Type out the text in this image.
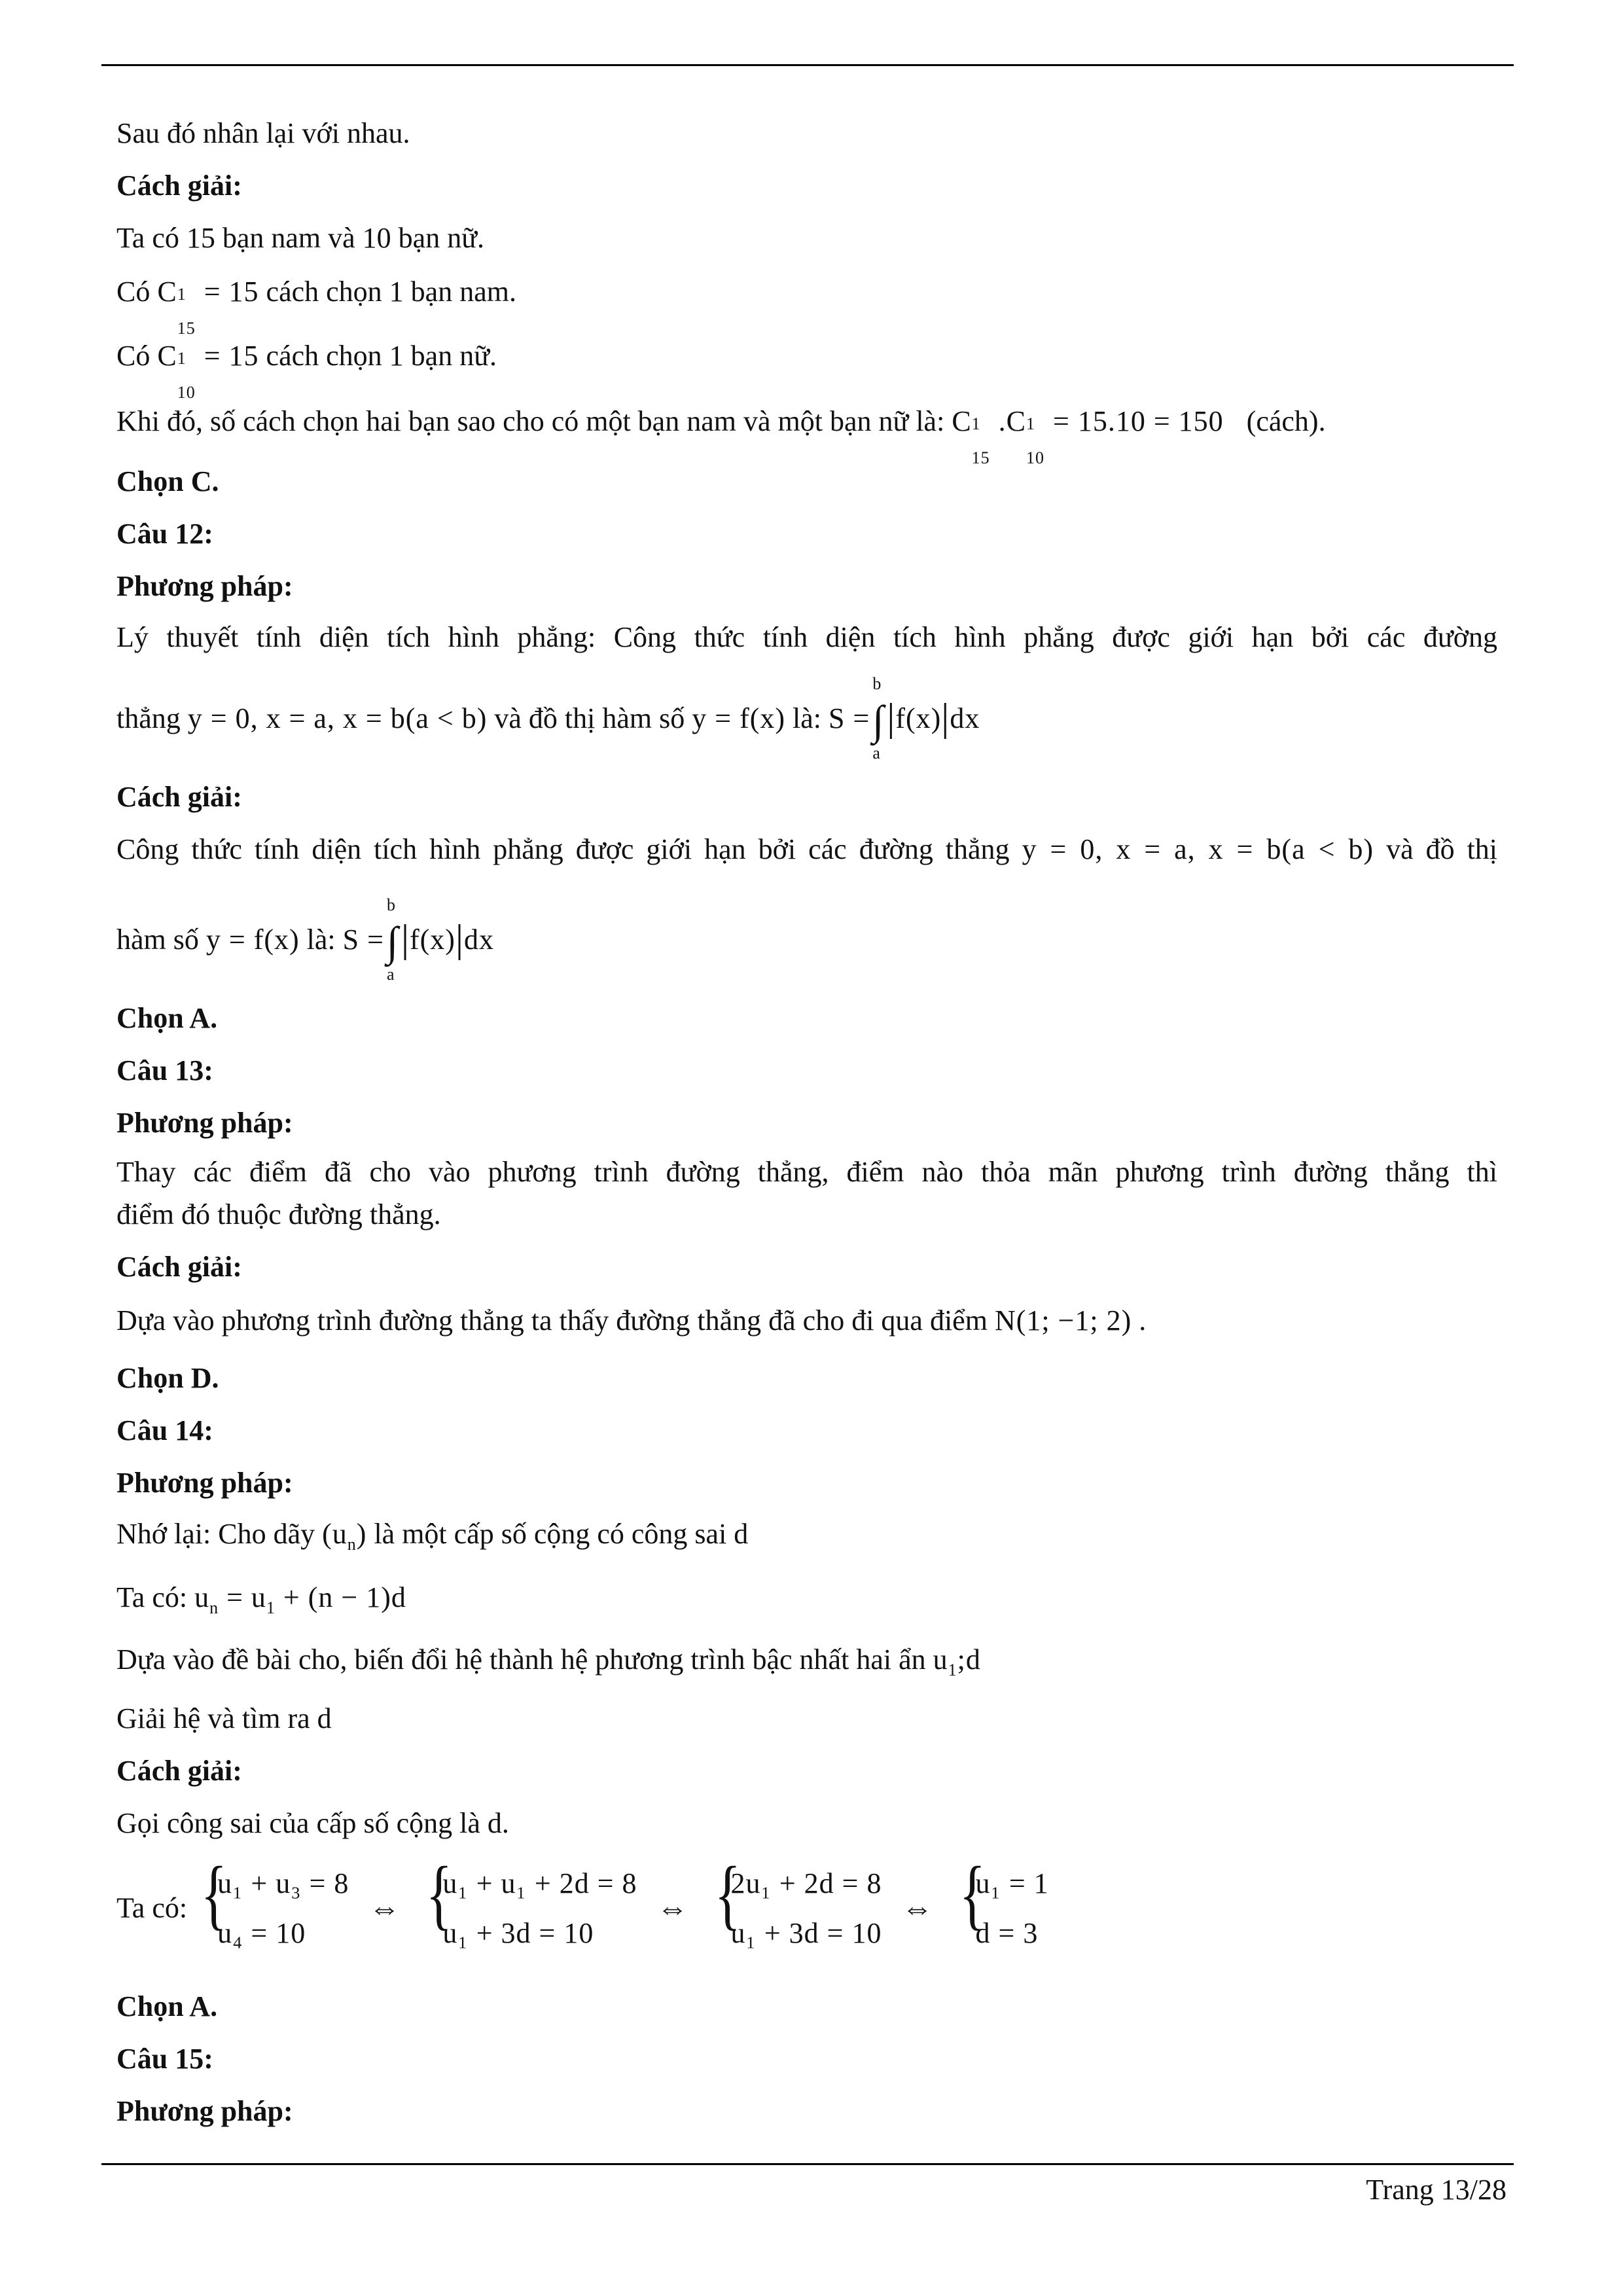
Sau đó nhân lại với nhau.
Cách giải:
Ta có 15 bạn nam và 10 bạn nữ.
Có C 1
15
= 15 cách chọn 1 bạn nam.
Có C 1
10
= 15 cách chọn 1 bạn nữ.
Khi đó, số cách chọn hai bạn sao cho có một bạn nam và một bạn nữ là: C 1
15
.C 1
10
= 15.10 = 150 (cách).
Chọn C.
Câu 12:
Phương pháp:
Lý thuyết tính diện tích hình phẳng: Công thức tính diện tích hình phẳng được giới hạn bởi các đường
thẳng y = 0, x = a, x = b(a < b) và đồ thị hàm số y = f(x) là: S =∫
b
a
|f(x)|dx
Cách giải:
Công thức tính diện tích hình phẳng được giới hạn bởi các đường thẳng y = 0, x = a, x = b(a < b) và đồ thị
hàm số y = f(x) là: S =∫
b
a
|f(x)|dx
Chọn A.
Câu 13:
Phương pháp:
Thay các điểm đã cho vào phương trình đường thẳng, điểm nào thỏa mãn phương trình đường thẳng thì
điểm đó thuộc đường thẳng.
Cách giải:
Dựa vào phương trình đường thẳng ta thấy đường thẳng đã cho đi qua điểm N(1; −1; 2) .
Chọn D.
Câu 14:
Phương pháp:
Nhớ lại: Cho dãy $(u_n)$ là một cấp số cộng có công sai d
Ta có: $u_n = u_1 + (n - 1)d$
Dựa vào đề bài cho, biến đổi hệ thành hệ phương trình bậc nhất hai ẩn $u_1;d$
Giải hệ và tìm ra d
Cách giải:
Gọi công sai của cấp số cộng là d.
Ta có: {
u₁ + u₃ = 8
u₄ = 10
⇔ {
u₁ + u₁ + 2d = 8
u₁ + 3d = 10
⇔ {
2u₁ + 2d = 8
u₁ + 3d = 10
⇔ {
u₁ = 1
d = 3
Chọn A.
Câu 15:
Phương pháp:
Trang 13/28
